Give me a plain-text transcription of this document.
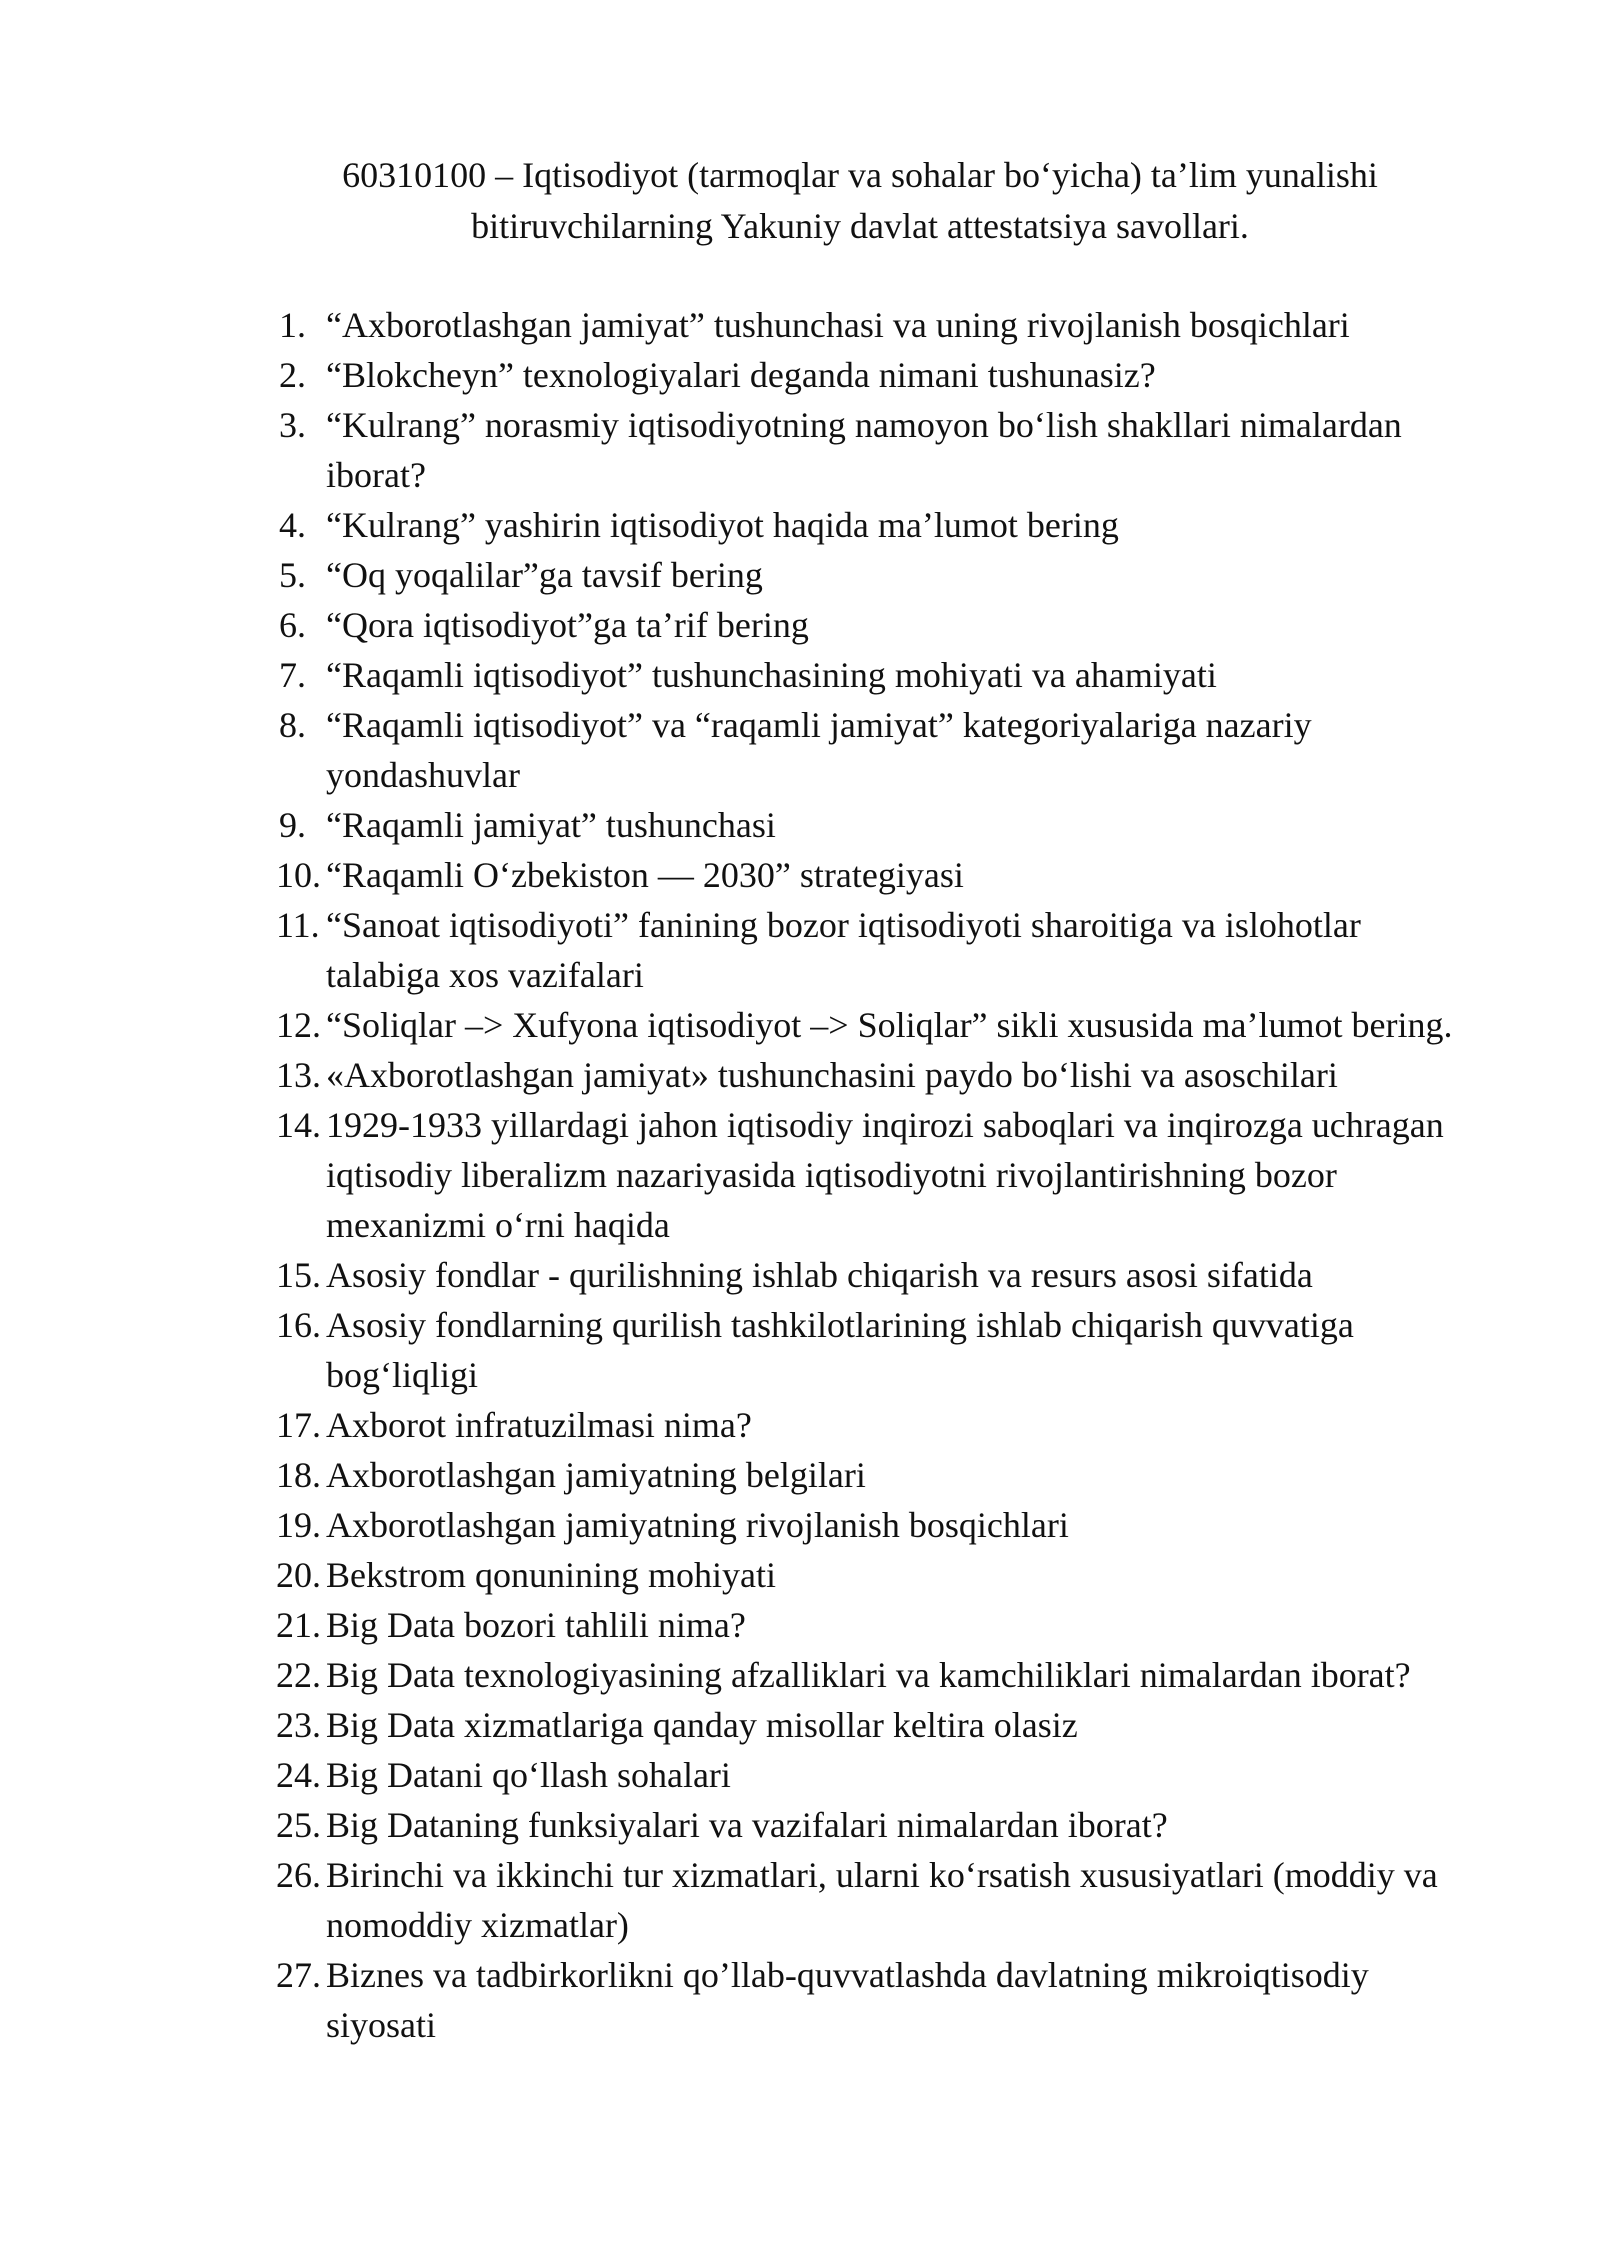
60310100 – Iqtisodiyot (tarmoqlar va sohalar bo‘yicha) ta’lim yunalishi
bitiruvchilarning Yakuniy davlat attestatsiya savollari.
1. “Axborotlashgan jamiyat” tushunchasi va uning rivojlanish bosqichlari
2. “Blokcheyn” texnologiyalari deganda nimani tushunasiz?
3. “Kulrang” norasmiy iqtisodiyotning namoyon bo‘lish shakllari nimalardan iborat?
4. “Kulrang” yashirin iqtisodiyot haqida ma’lumot bering
5. “Oq yoqalilar”ga tavsif bering
6. “Qora iqtisodiyot”ga ta’rif bering
7. “Raqamli iqtisodiyot” tushunchasining mohiyati va ahamiyati
8. “Raqamli iqtisodiyot” va “raqamli jamiyat” kategoriyalariga nazariy yondashuvlar
9. “Raqamli jamiyat” tushunchasi
10. “Raqamli O‘zbekiston — 2030” strategiyasi
11. “Sanoat iqtisodiyoti” fanining bozor iqtisodiyoti sharoitiga va islohotlar talabiga xos vazifalari
12. “Soliqlar –> Xufyona iqtisodiyot –> Soliqlar” sikli xususida ma’lumot bering.
13. «Axborotlashgan jamiyat» tushunchasini paydo bo‘lishi va asoschilari
14. 1929-1933 yillardagi jahon iqtisodiy inqirozi saboqlari va inqirozga uchragan iqtisodiy liberalizm nazariyasida iqtisodiyotni rivojlantirishning bozor mexanizmi o‘rni haqida
15. Asosiy fondlar - qurilishning ishlab chiqarish va resurs asosi sifatida
16. Asosiy fondlarning qurilish tashkilotlarining ishlab chiqarish quvvatiga bog‘liqligi
17. Axborot infratuzilmasi nima?
18. Axborotlashgan jamiyatning belgilari
19. Axborotlashgan jamiyatning rivojlanish bosqichlari
20. Bekstrom qonunining mohiyati
21. Big Data bozori tahlili nima?
22. Big Data texnologiyasining afzalliklari va kamchiliklari nimalardan iborat?
23. Big Data xizmatlariga qanday misollar keltira olasiz
24. Big Datani qo‘llash sohalari
25. Big Dataning funksiyalari va vazifalari nimalardan iborat?
26. Birinchi va ikkinchi tur xizmatlari, ularni ko‘rsatish xususiyatlari (moddiy va nomoddiy xizmatlar)
27. Biznes va tadbirkorlikni qo’llab-quvvatlashda davlatning mikroiqtisodiy siyosati
